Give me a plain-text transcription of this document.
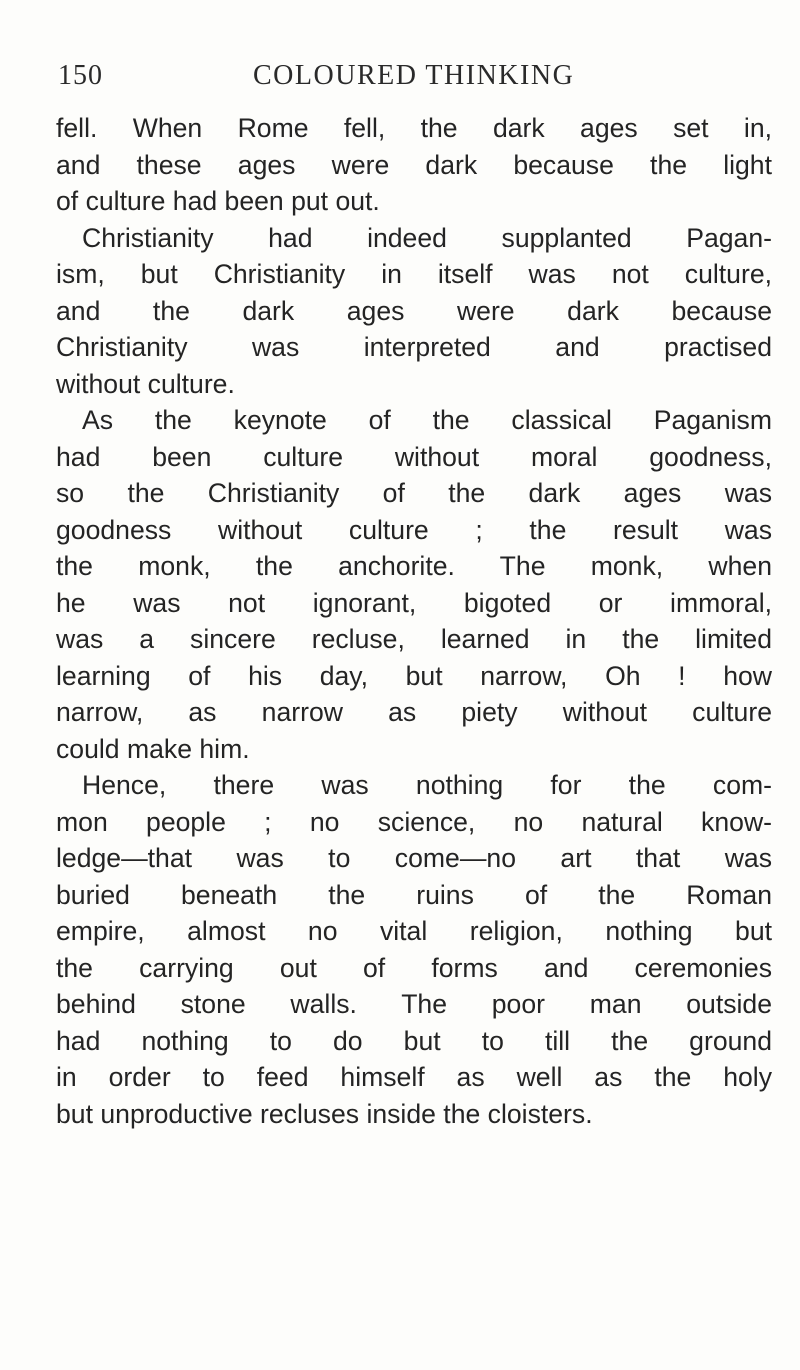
150	COLOURED THINKING
fell. When Rome fell, the dark ages set in,
and these ages were dark because the light
of culture had been put out.
Christianity had indeed supplanted Pagan-
ism, but Christianity in itself was not culture,
and the dark ages were dark because
Christianity was interpreted and practised
without culture.
As the keynote of the classical Paganism
had been culture without moral goodness,
so the Christianity of the dark ages was
goodness without culture ; the result was
the monk, the anchorite. The monk, when
he was not ignorant, bigoted or immoral,
was a sincere recluse, learned in the limited
learning of his day, but narrow, Oh ! how
narrow, as narrow as piety without culture
could make him.
Hence, there was nothing for the com-
mon people ; no science, no natural know-
ledge—that was to come—no art that was
buried beneath the ruins of the Roman
empire, almost no vital religion, nothing but
the carrying out of forms and ceremonies
behind stone walls. The poor man outside
had nothing to do but to till the ground
in order to feed himself as well as the holy
but unproductive recluses inside the cloisters.
